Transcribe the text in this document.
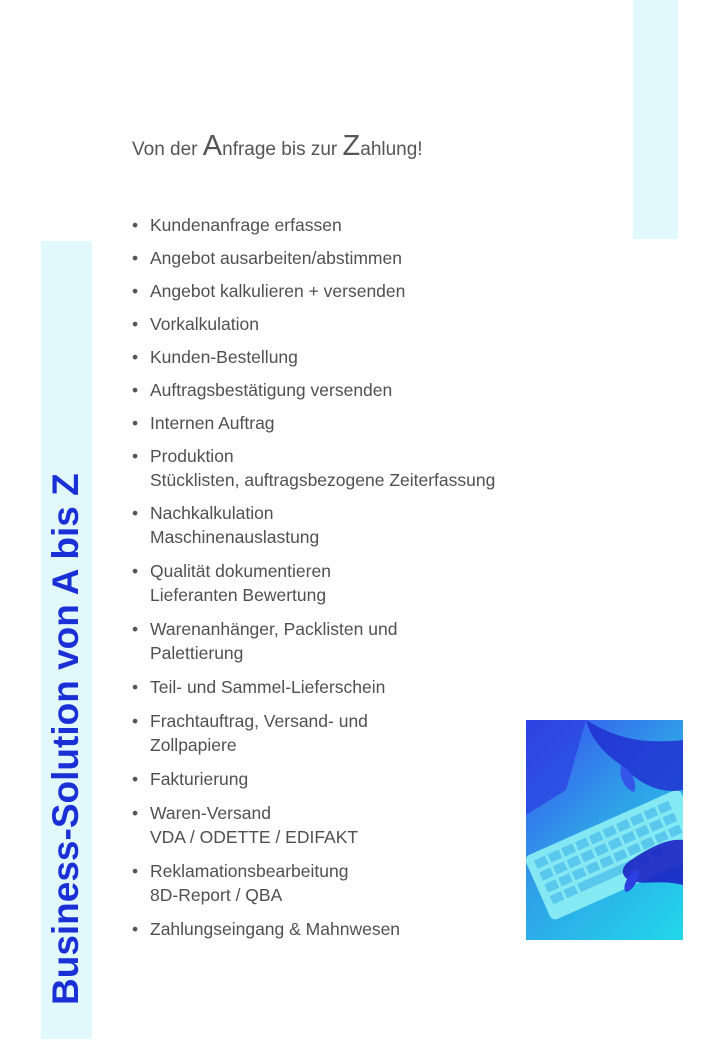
Business-Solution von A bis Z
Von der Anfrage bis zur Zahlung!
• Kundenanfrage erfassen
• Angebot ausarbeiten/abstimmen
• Angebot kalkulieren + versenden
• Vorkalkulation
• Kunden-Bestellung
• Auftragsbestätigung versenden
• Internen Auftrag
• Produktion
Stücklisten, auftragsbezogene Zeiterfassung
• Nachkalkulation
Maschinenauslastung
• Qualität dokumentieren
Lieferanten Bewertung
• Warenanhänger, Packlisten und
Palettierung
• Teil- und Sammel-Lieferschein
• Frachtauftrag, Versand- und
Zollpapiere
• Fakturierung
• Waren-Versand
VDA / ODETTE / EDIFAKT
• Reklamationsbearbeitung
8D-Report / QBA
• Zahlungseingang & Mahnwesen
